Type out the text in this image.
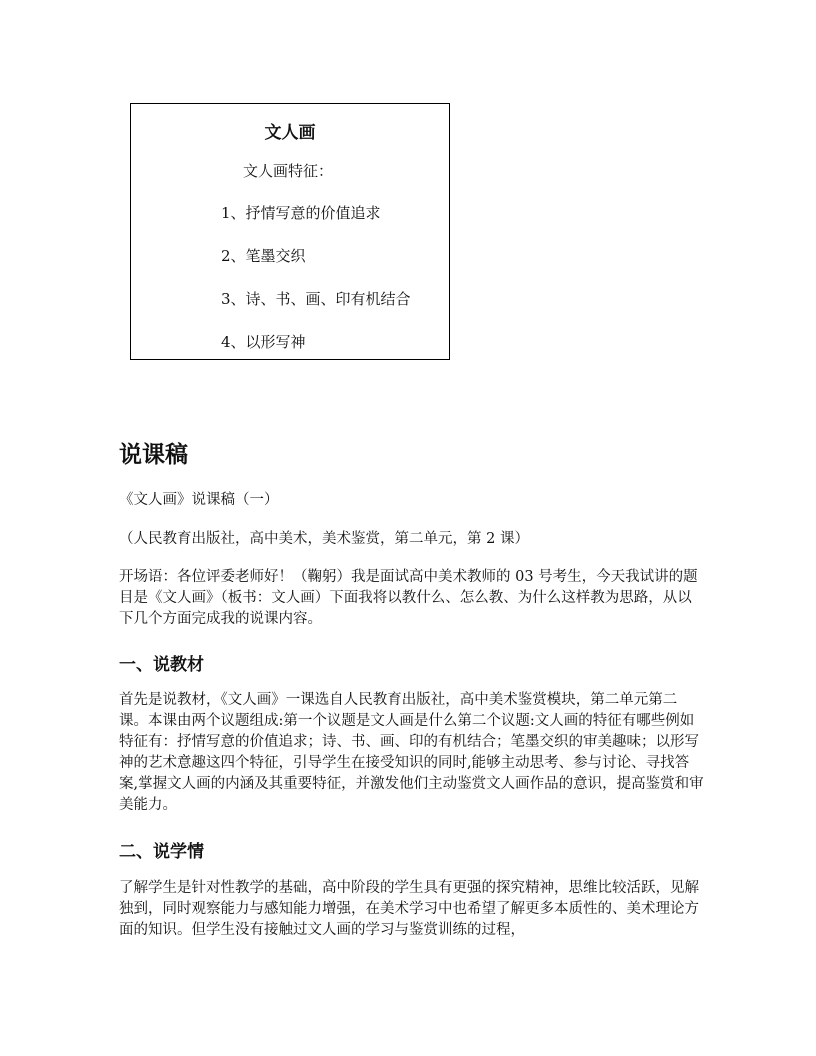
文人画
文人画特征：
1、抒情写意的价值追求
2、笔墨交织
3、诗、书、画、印有机结合
4、以形写神
说课稿

《文人画》说课稿（一）

（人民教育出版社，高中美术，美术鉴赏，第二单元，第 2 课）

开场语：各位评委老师好！（鞠躬）我是面试高中美术教师的 03 号考生，今天我试讲的题目是《文人画》（板书：文人画）下面我将以教什么、怎么教、为什么这样教为思路，从以下几个方面完成我的说课内容。

一、说教材

首先是说教材，《文人画》一课选自人民教育出版社，高中美术鉴赏模块，第二单元第二课。本课由两个议题组成:第一个议题是文人画是什么第二个议题:文人画的特征有哪些例如特征有：抒情写意的价值追求；诗、书、画、印的有机结合；笔墨交织的审美趣味；以形写神的艺术意趣这四个特征，引导学生在接受知识的同时,能够主动思考、参与讨论、寻找答案,掌握文人画的内涵及其重要特征，并激发他们主动鉴赏文人画作品的意识，提高鉴赏和审美能力。

二、说学情

了解学生是针对性教学的基础，高中阶段的学生具有更强的探究精神，思维比较活跃，见解独到，同时观察能力与感知能力增强，在美术学习中也希望了解更多本质性的、美术理论方面的知识。但学生没有接触过文人画的学习与鉴赏训练的过程，
